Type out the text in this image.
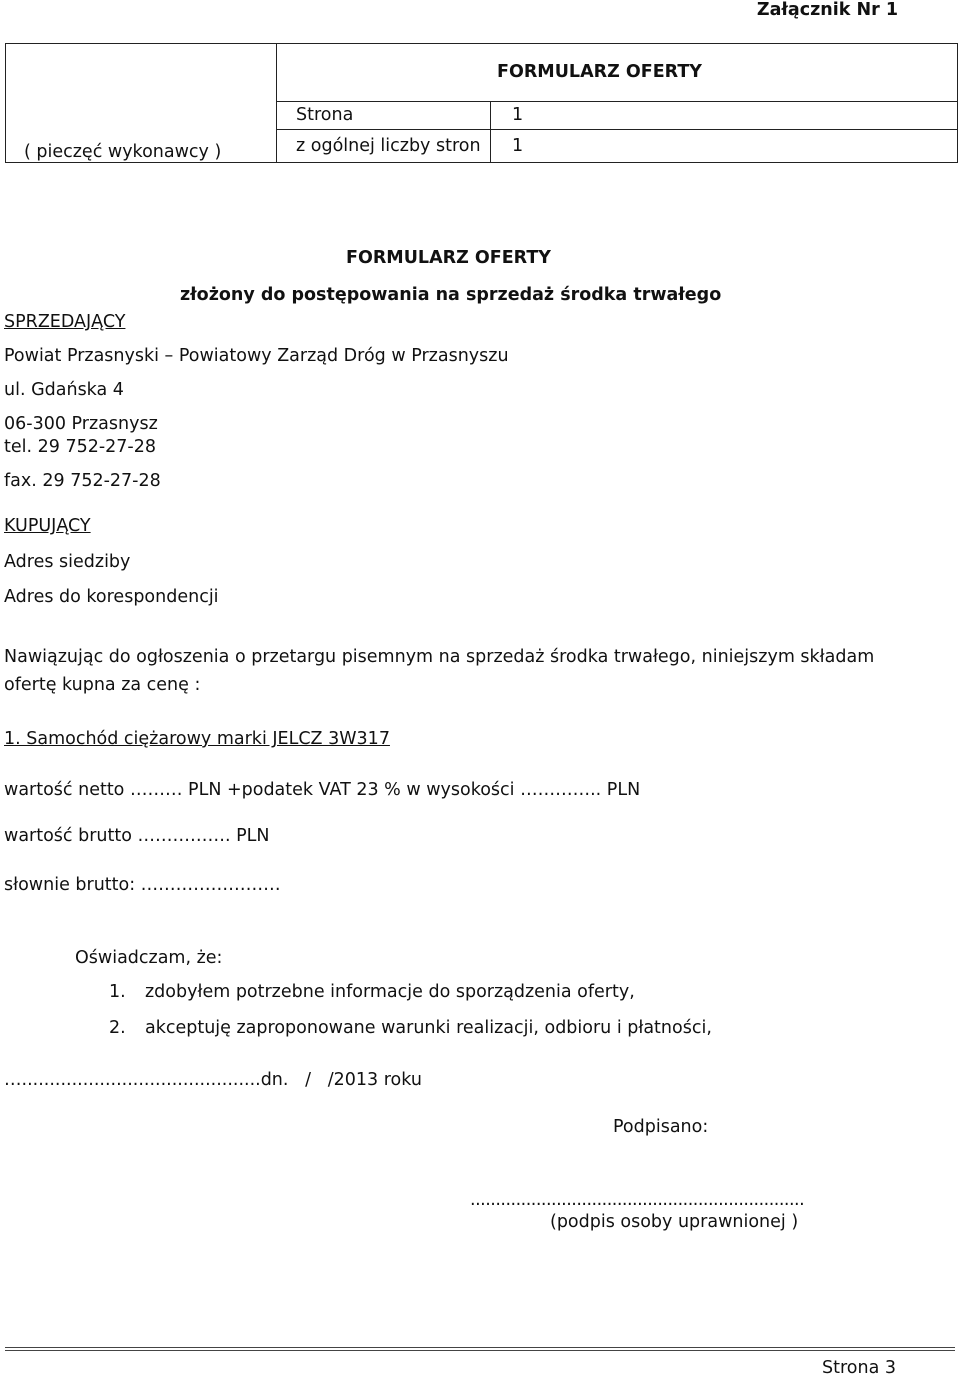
Załącznik Nr 1
FORMULARZ OFERTY
Strona	1
z ogólnej liczby stron 1
( pieczęć wykonawcy )
FORMULARZ OFERTY
złożony do postępowania na sprzedaż środka trwałego
SPRZEDAJĄCY
Powiat Przasnyski – Powiatowy Zarząd Dróg w Przasnyszu
ul. Gdańska 4
06-300 Przasnysz
tel. 29 752-27-28
fax. 29 752-27-28
KUPUJĄCY
Adres siedziby
Adres do korespondencji
Nawiązując do ogłoszenia o przetargu pisemnym na sprzedaż środka trwałego, niniejszym składam
ofertę kupna za cenę :
1. Samochód ciężarowy marki JELCZ 3W317
wartość netto ……… PLN +podatek VAT 23 % w wysokości ………….. PLN
wartość brutto ……………. PLN
słownie brutto: ……………………
Oświadczam, że:
1. zdobyłem potrzebne informacje do sporządzenia oferty,
2. akceptuję zaproponowane warunki realizacji, odbioru i płatności,
…...........................................dn.   /   /2013 roku
Podpisano:
..................................................................
(podpis osoby uprawnionej )
Strona 3
